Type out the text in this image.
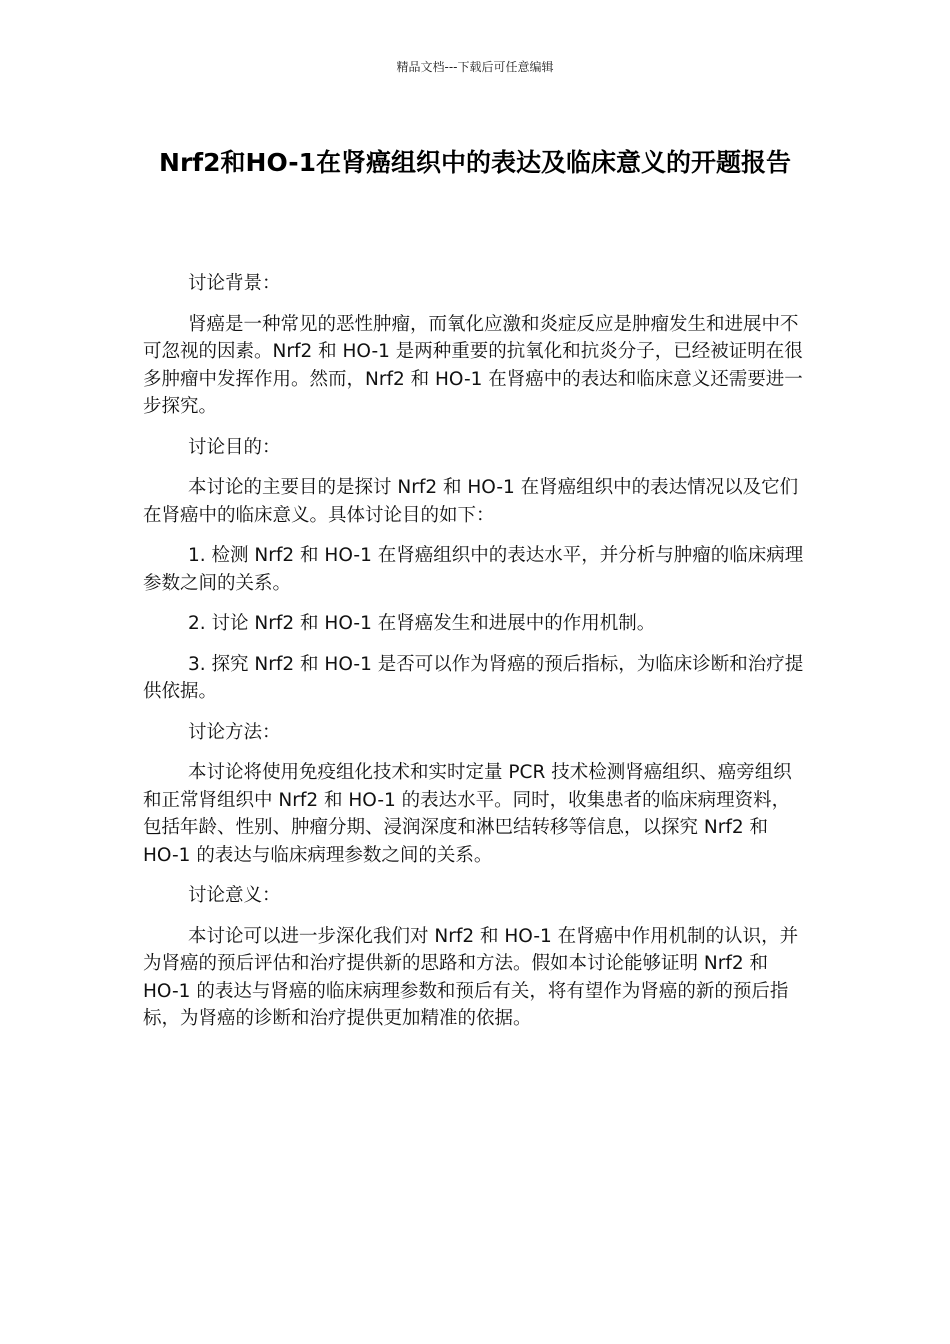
精品文档---下载后可任意编辑
Nrf2和HO-1在肾癌组织中的表达及临床意义的开题报告

讨论背景：

肾癌是一种常见的恶性肿瘤，而氧化应激和炎症反应是肿瘤发生和进展中不可忽视的因素。Nrf2 和 HO-1 是两种重要的抗氧化和抗炎分子，已经被证明在很多肿瘤中发挥作用。然而，Nrf2 和 HO-1 在肾癌中的表达和临床意义还需要进一步探究。

讨论目的：

本讨论的主要目的是探讨 Nrf2 和 HO-1 在肾癌组织中的表达情况以及它们在肾癌中的临床意义。具体讨论目的如下：

1. 检测 Nrf2 和 HO-1 在肾癌组织中的表达水平，并分析与肿瘤的临床病理参数之间的关系。

2. 讨论 Nrf2 和 HO-1 在肾癌发生和进展中的作用机制。

3. 探究 Nrf2 和 HO-1 是否可以作为肾癌的预后指标，为临床诊断和治疗提供依据。

讨论方法：

本讨论将使用免疫组化技术和实时定量 PCR 技术检测肾癌组织、癌旁组织和正常肾组织中 Nrf2 和 HO-1 的表达水平。同时，收集患者的临床病理资料，包括年龄、性别、肿瘤分期、浸润深度和淋巴结转移等信息，以探究 Nrf2 和 HO-1 的表达与临床病理参数之间的关系。

讨论意义：

本讨论可以进一步深化我们对 Nrf2 和 HO-1 在肾癌中作用机制的认识，并为肾癌的预后评估和治疗提供新的思路和方法。假如本讨论能够证明 Nrf2 和 HO-1 的表达与肾癌的临床病理参数和预后有关，将有望作为肾癌的新的预后指标，为肾癌的诊断和治疗提供更加精准的依据。
